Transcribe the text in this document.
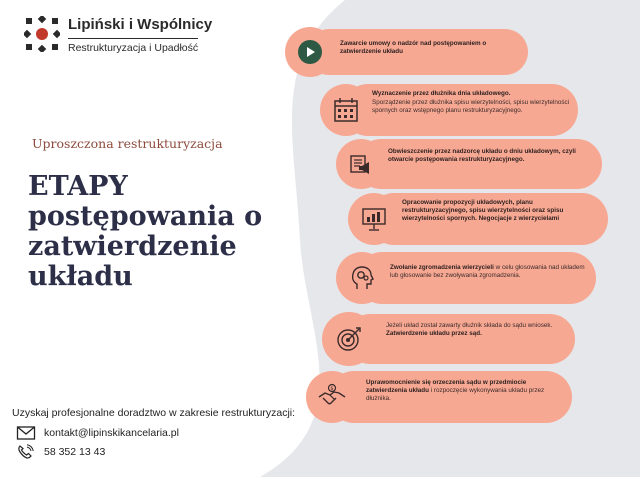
Lipiński i Wspólnicy
Restrukturyzacja i Upadłość
Uproszczona restrukturyzacja
ETAPY
postępowania o
zatwierdzenie
układu
Uzyskaj profesjonalne doradztwo w zakresie restrukturyzacji:
kontakt@lipinskikancelaria.pl
58 352 13 43
Zawarcie umowy o nadzór nad postępowaniem o zatwierdzenie układu
Wyznaczenie przez dłużnika dnia układowego.
Sporządzenie przez dłużnika spisu wierzytelności, spisu wierzytelności spornych oraz wstępnego planu restrukturyzacyjnego.
Obwieszczenie przez nadzorcę układu o dniu układowym, czyli otwarcie postępowania restrukturyzacyjnego.
Opracowanie propozycji układowych, planu restrukturyzacyjnego, spisu wierzytelności oraz spisu wierzytelności spornych. Negocjacje z wierzycielami
Zwołanie zgromadzenia wierzycieli w celu głosowania nad układem lub głosowanie bez zwoływania zgromadzenia.
Jeżeli układ został zawarty dłużnik składa do sądu wniosek. Zatwierdzenie układu przez sąd.
$
Uprawomocnienie się orzeczenia sądu w przedmiocie zatwierdzenia układu i rozpoczęcie wykonywania układu przez dłużnika.
